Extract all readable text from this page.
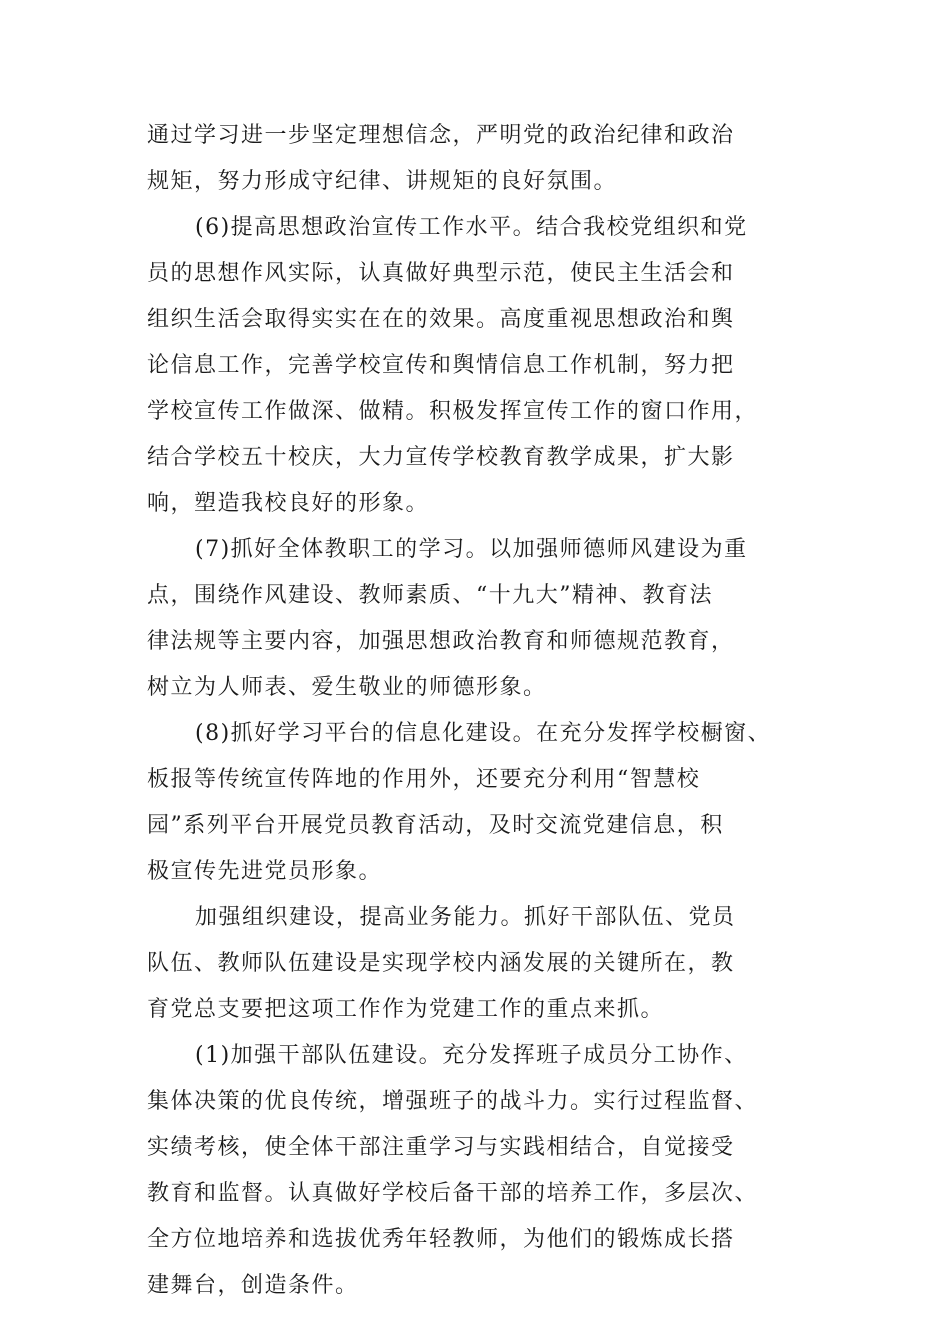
通过学习进一步坚定理想信念，严明党的政治纪律和政治

规矩，努力形成守纪律、讲规矩的良好氛围。

(6)提高思想政治宣传工作水平。结合我校党组织和党

员的思想作风实际，认真做好典型示范，使民主生活会和

组织生活会取得实实在在的效果。高度重视思想政治和舆

论信息工作，完善学校宣传和舆情信息工作机制，努力把

学校宣传工作做深、做精。积极发挥宣传工作的窗口作用，

结合学校五十校庆，大力宣传学校教育教学成果，扩大影

响，塑造我校良好的形象。

(7)抓好全体教职工的学习。以加强师德师风建设为重

点，围绕作风建设、教师素质、“十九大”精神、教育法

律法规等主要内容，加强思想政治教育和师德规范教育，

树立为人师表、爱生敬业的师德形象。

(8)抓好学习平台的信息化建设。在充分发挥学校橱窗、

板报等传统宣传阵地的作用外，还要充分利用“智慧校

园”系列平台开展党员教育活动，及时交流党建信息，积

极宣传先进党员形象。

加强组织建设，提高业务能力。抓好干部队伍、党员

队伍、教师队伍建设是实现学校内涵发展的关键所在，教

育党总支要把这项工作作为党建工作的重点来抓。

(1)加强干部队伍建设。充分发挥班子成员分工协作、

集体决策的优良传统，增强班子的战斗力。实行过程监督、

实绩考核，使全体干部注重学习与实践相结合，自觉接受

教育和监督。认真做好学校后备干部的培养工作，多层次、

全方位地培养和选拔优秀年轻教师，为他们的锻炼成长搭

建舞台，创造条件。
